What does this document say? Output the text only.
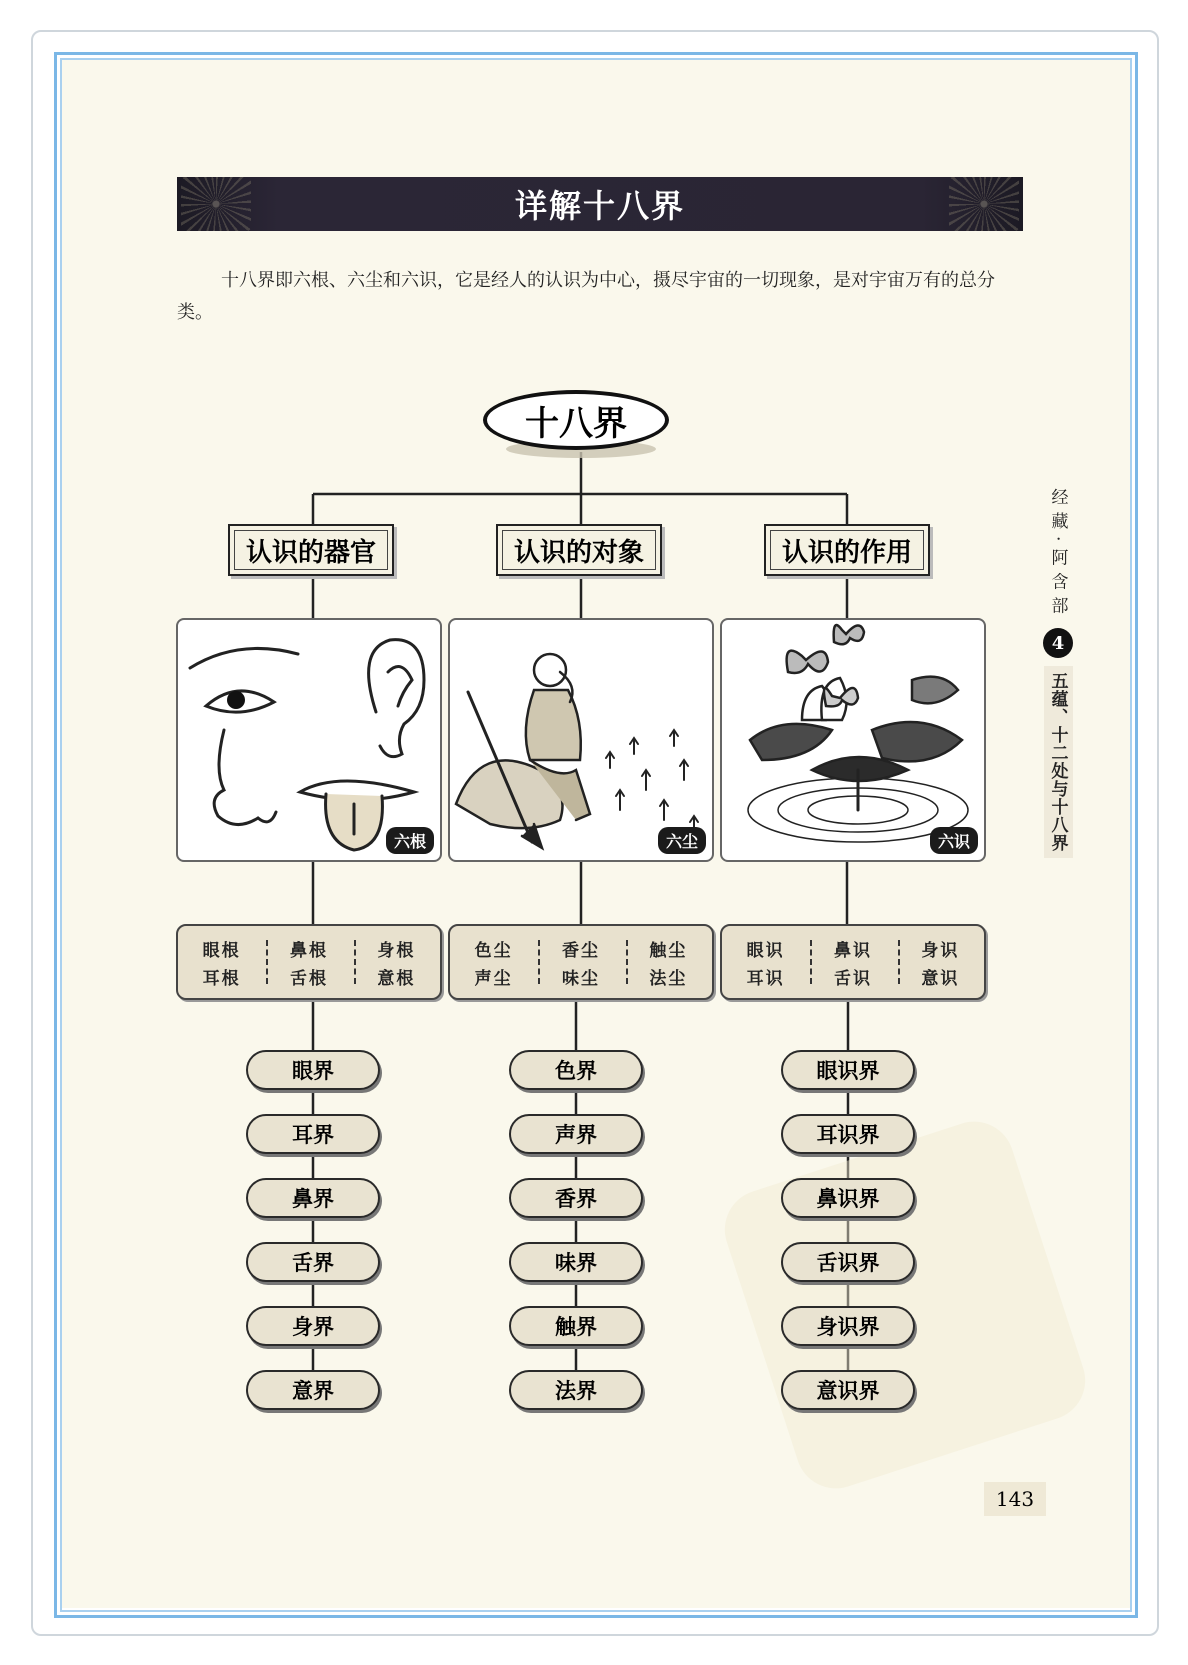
详解十八界

十八界即六根、六尘和六识，它是经人的认识为中心，摄尽宇宙的一切现象，是对宇宙万有的总分类。

十八界
认识的器官	认识的对象	认识的作用
六根	六尘	六识
眼根	鼻根	身根
耳根	舌根	意根
色尘	香尘	触尘
声尘	味尘	法尘
眼识	鼻识	身识
耳识	舌识	意识
眼界
耳界
鼻界
舌界
身界
意界
色界
声界
香界
味界
触界
法界
眼识界
耳识界
鼻识界
舌识界
身识界
意识界
经藏·阿含部
4
五蕴、十二处与十八界
143
